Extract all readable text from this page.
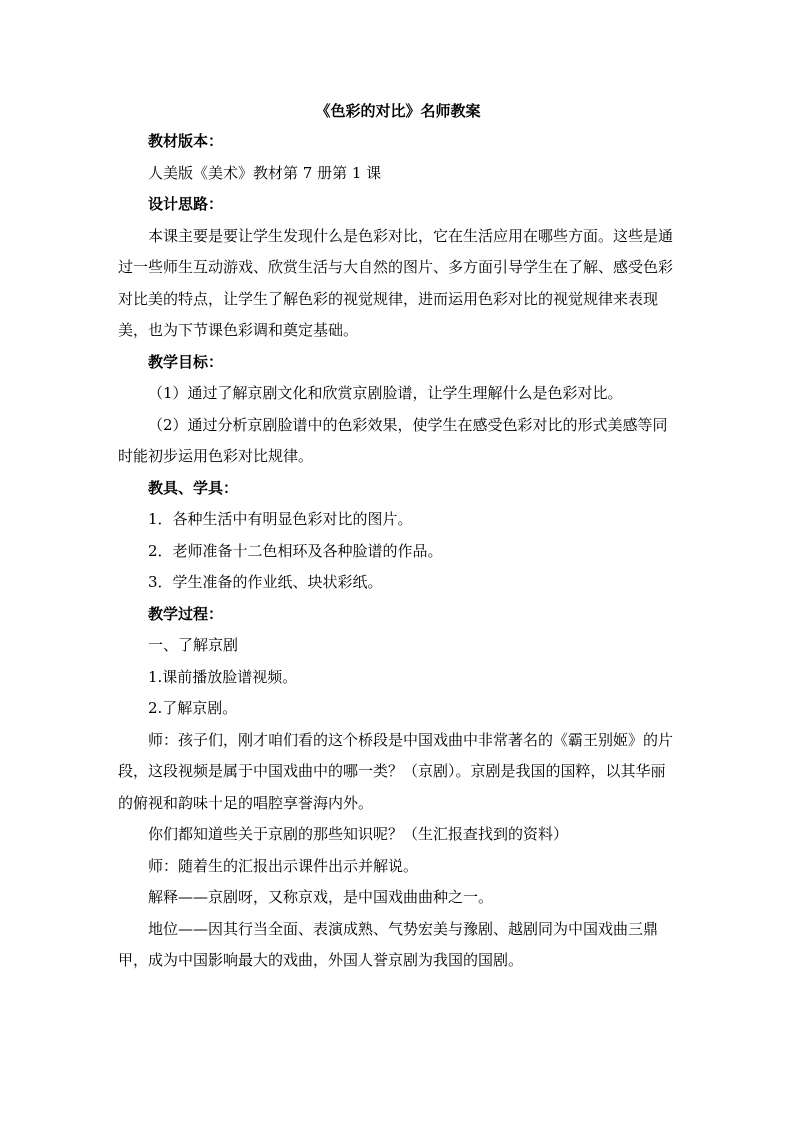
《色彩的对比》名师教案
教材版本：
人美版《美术》教材第 7 册第 1 课
设计思路：
本课主要是要让学生发现什么是色彩对比，它在生活应用在哪些方面。这些是通过一些师生互动游戏、欣赏生活与大自然的图片、多方面引导学生在了解、感受色彩对比美的特点，让学生了解色彩的视觉规律，进而运用色彩对比的视觉规律来表现美，也为下节课色彩调和奠定基础。
教学目标：
（1）通过了解京剧文化和欣赏京剧脸谱，让学生理解什么是色彩对比。
（2）通过分析京剧脸谱中的色彩效果，使学生在感受色彩对比的形式美感等同时能初步运用色彩对比规律。
教具、学具：
1．各种生活中有明显色彩对比的图片。
2．老师准备十二色相环及各种脸谱的作品。
3．学生准备的作业纸、块状彩纸。
教学过程：
一、了解京剧
1.课前播放脸谱视频。
2.了解京剧。
师：孩子们，刚才咱们看的这个桥段是中国戏曲中非常著名的《霸王别姬》的片段，这段视频是属于中国戏曲中的哪一类？（京剧）。京剧是我国的国粹，以其华丽的俯视和韵味十足的唱腔享誉海内外。
你们都知道些关于京剧的那些知识呢？（生汇报查找到的资料）
师：随着生的汇报出示课件出示并解说。
解释——京剧呀，又称京戏，是中国戏曲曲种之一。
地位——因其行当全面、表演成熟、气势宏美与豫剧、越剧同为中国戏曲三鼎甲，成为中国影响最大的戏曲，外国人誉京剧为我国的国剧。
